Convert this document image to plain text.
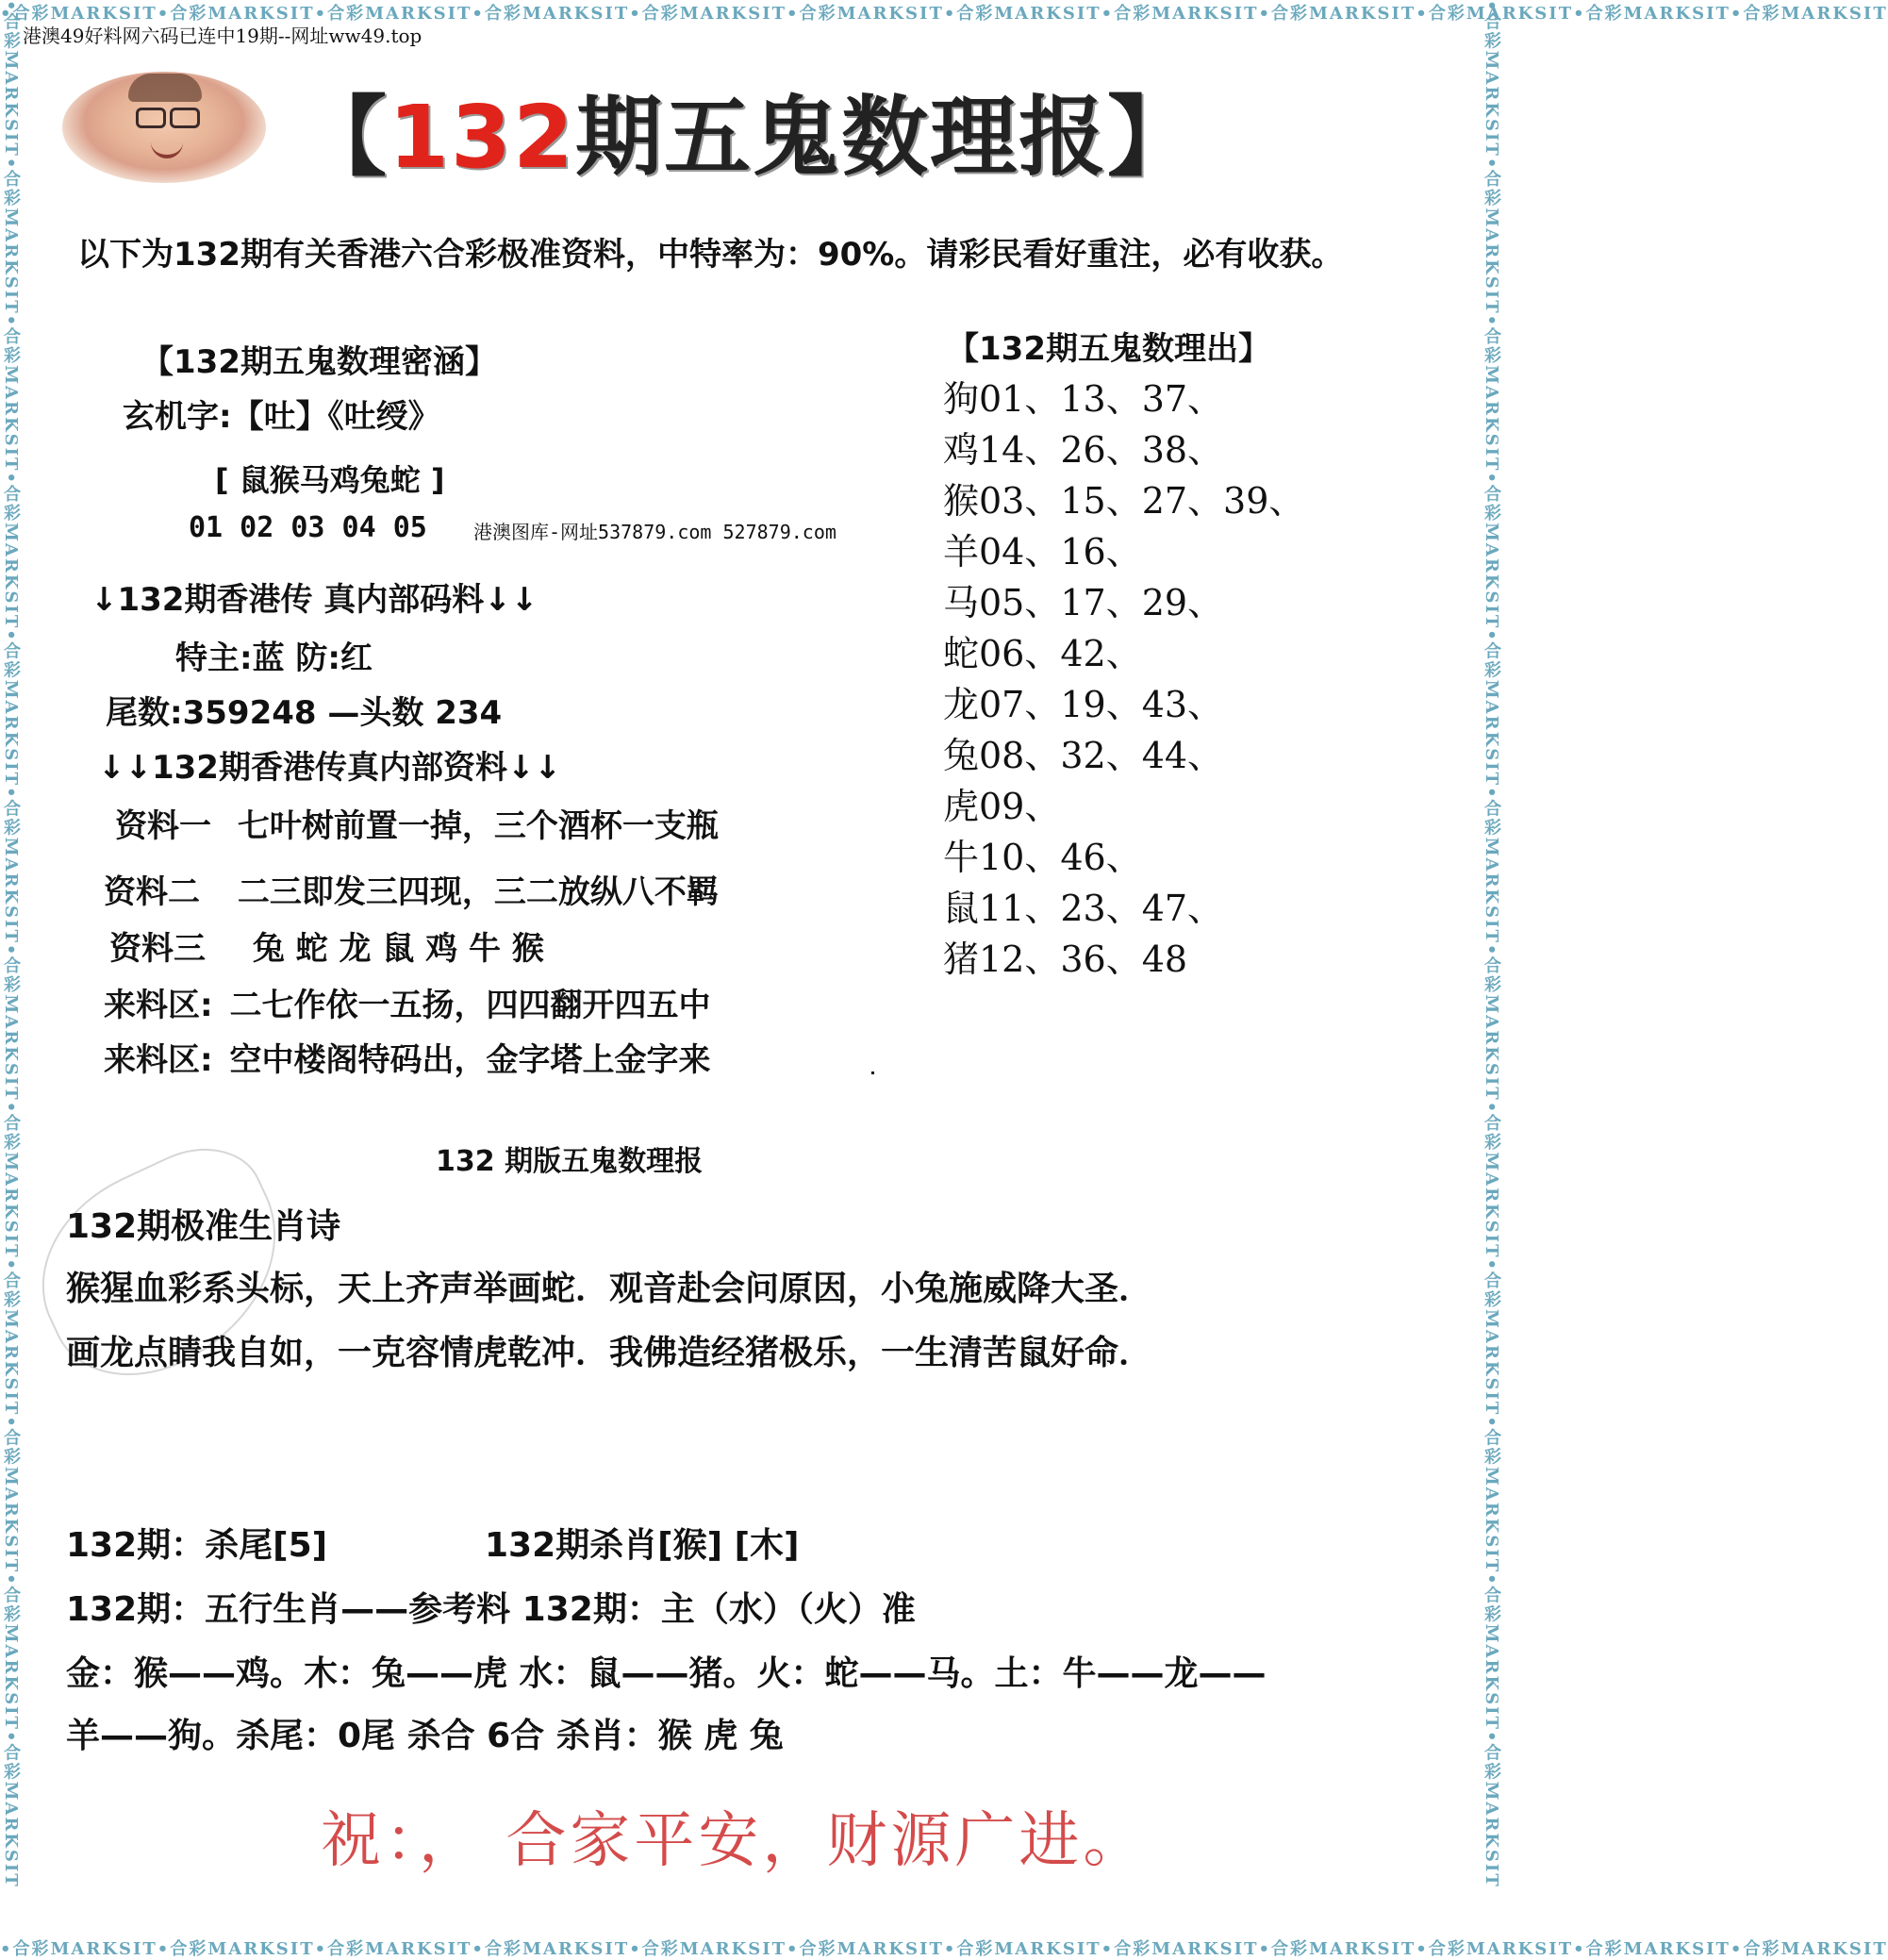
•合彩MARKSIT•合彩MARKSIT•合彩MARKSIT•合彩MARKSIT•合彩MARKSIT•合彩MARKSIT•合彩MARKSIT•合彩MARKSIT•合彩MARKSIT•合彩MARKSIT•合彩MARKSIT•合彩MARKSIT
•合彩MARKSIT•合彩MARKSIT•合彩MARKSIT•合彩MARKSIT•合彩MARKSIT•合彩MARKSIT•合彩MARKSIT•合彩MARKSIT•合彩MARKSIT•合彩MARKSIT•合彩MARKSIT•合彩MARKSIT
•合彩MARKSIT•合彩MARKSIT•合彩MARKSIT•合彩MARKSIT•合彩MARKSIT•合彩MARKSIT•合彩MARKSIT•合彩MARKSIT•合彩MARKSIT•合彩MARKSIT•合彩MARKSIT•合彩MARKSIT	•合彩MARKSIT•合彩MARKSIT•合彩MARKSIT•合彩MARKSIT•合彩MARKSIT•合彩MARKSIT•合彩MARKSIT•合彩MARKSIT•合彩MARKSIT•合彩MARKSIT•合彩MARKSIT•合彩MARKSIT
港澳49好料网六码已连中19期--网址ww49.top
【132期五鬼数理报】
以下为132期有关香港六合彩极准资料，中特率为：90%。请彩民看好重注，必有收获。
【132期五鬼数理密涵】
玄机字:【吐】《吐绶》
[ 鼠猴马鸡兔蛇 ]
01 02 03 04 05 港澳图库-网址537879.com 527879.com
↓132期香港传 真内部码料↓↓
特主:蓝 防:红
尾数:359248 —头数 234
↓↓132期香港传真内部资料↓↓
资料一 七叶树前置一掉，三个酒杯一支瓶
资料二 二三即发三四现，三二放纵八不羁
资料三 兔 蛇 龙 鼠 鸡 牛 猴
来料区: 二七作依一五扬，四四翻开四五中
来料区: 空中楼阁特码出，金字塔上金字来
【132期五鬼数理出】
狗01、13、37、
鸡14、26、38、
猴03、15、27、39、
羊04、16、
马05、17、29、
蛇06、42、
龙07、19、43、
兔08、32、44、
虎09、
牛10、46、
鼠11、23、47、
猪12、36、48
132 期版五鬼数理报
132期极准生肖诗
猴猩血彩系头标，天上齐声举画蛇．观音赴会问原因，小兔施威降大圣．
画龙点睛我自如，一克容情虎乾冲．我佛造经猪极乐，一生清苦鼠好命．
132期：杀尾[5]	132期杀肖[猴] [木]
132期：五行生肖——参考料 132期：主（水）（火）准
金：猴——鸡。木：兔——虎 水：鼠——猪。火：蛇——马。土：牛——龙——
羊——狗。杀尾：0尾 杀合 6合 杀肖：猴 虎 兔
祝：， 合家平安，财源广进。
